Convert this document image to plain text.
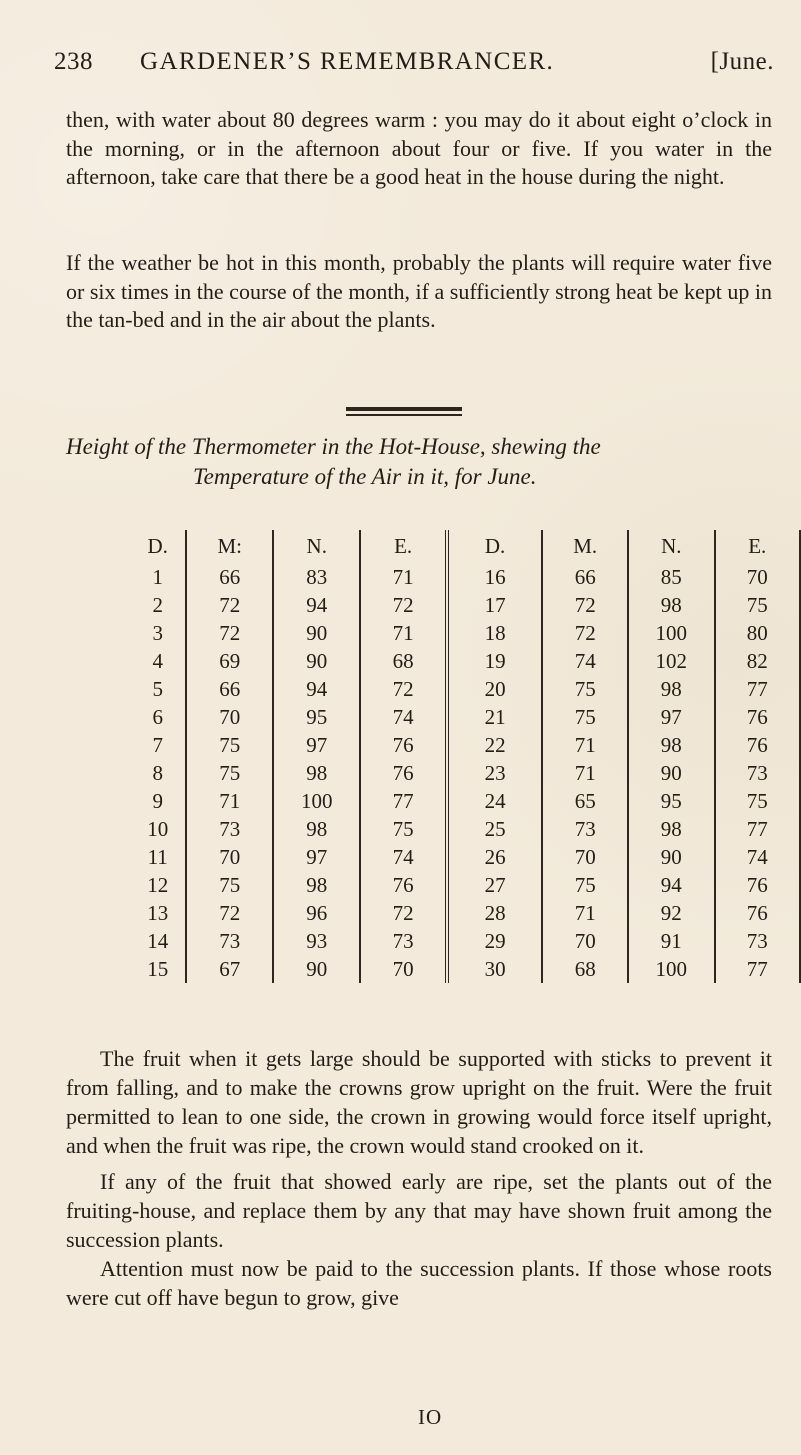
238 GARDENER’S REMEMBRANCER.	[June.
then, with water about 80 degrees warm : you may do it about eight o’clock in the morning, or in the afternoon about four or five. If you water in the afternoon, take care that there be a good heat in the house during the night.
If the weather be hot in this month, probably the plants will require water five or six times in the course of the month, if a sufficiently strong heat be kept up in the tan-bed and in the air about the plants.
Height of the Thermometer in the Hot-House, shewing the
Temperature of the Air in it, for June.
D.	M:	N.	E.	D.	M.	N.	E.
1	66	83	71	16	66	85	70
2	72	94	72	17	72	98	75
3	72	90	71	18	72	100	80
4	69	90	68	19	74	102	82
5	66	94	72	20	75	98	77
6	70	95	74	21	75	97	76
7	75	97	76	22	71	98	76
8	75	98	76	23	71	90	73
9	71	100	77	24	65	95	75
10	73	98	75	25	73	98	77
11	70	97	74	26	70	90	74
12	75	98	76	27	75	94	76
13	72	96	72	28	71	92	76
14	73	93	73	29	70	91	73
15	67	90	70	30	68	100	77
The fruit when it gets large should be supported with sticks to prevent it from falling, and to make the crowns grow upright on the fruit. Were the fruit permitted to lean to one side, the crown in growing would force itself upright, and when the fruit was ripe, the crown would stand crooked on it.
If any of the fruit that showed early are ripe, set the plants out of the fruiting-house, and replace them by any that may have shown fruit among the succession plants.
Attention must now be paid to the succession plants. If those whose roots were cut off have begun to grow, give
IO
